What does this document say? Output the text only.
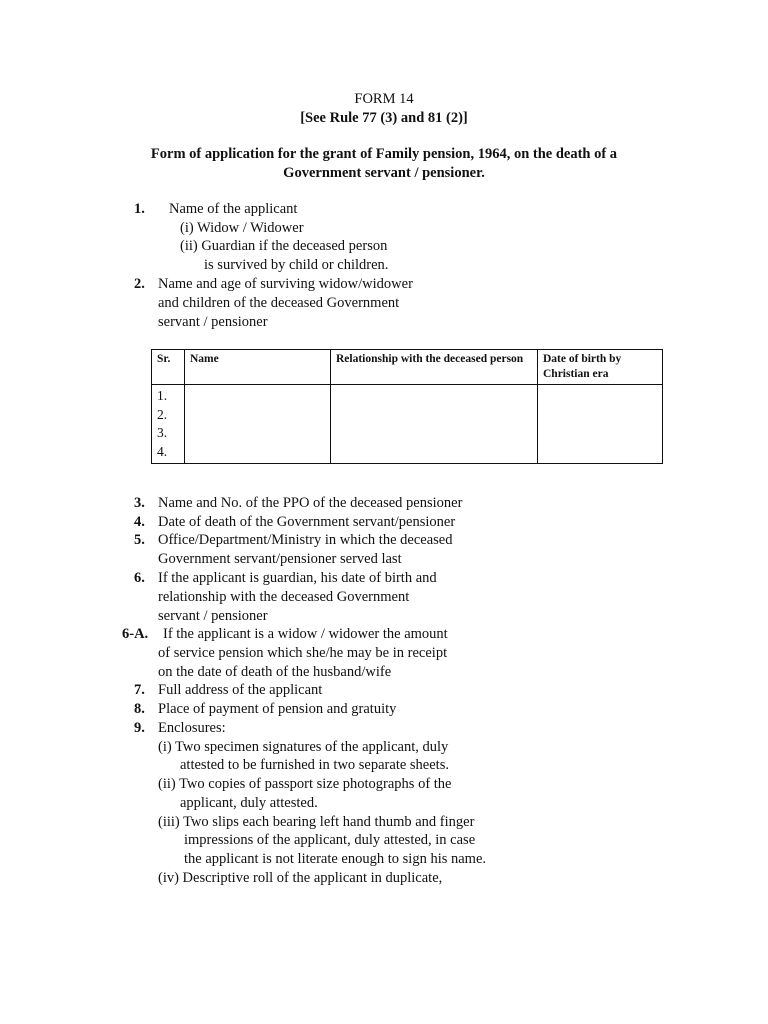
FORM 14
[See Rule 77 (3) and 81 (2)]
Form of application for the grant of Family pension, 1964, on the death of a
Government servant / pensioner.
1. Name of the applicant
(i) Widow / Widower
(ii) Guardian if the deceased person
is survived by child or children.
2. Name and age of surviving widow/widower
and children of the deceased Government
servant / pensioner
Sr.	Name	Relationship with the deceased person	Date of birth by Christian era

1.
2.
3.
4.			

3. Name and No. of the PPO of the deceased pensioner
4. Date of death of the Government servant/pensioner
5. Office/Department/Ministry in which the deceased
Government servant/pensioner served last
6. If the applicant is guardian, his date of birth and
relationship with the deceased Government
servant / pensioner
6-A. If the applicant is a widow / widower the amount
of service pension which she/he may be in receipt
on the date of death of the husband/wife
7. Full address of the applicant
8. Place of payment of pension and gratuity
9. Enclosures:
(i) Two specimen signatures of the applicant, duly
attested to be furnished in two separate sheets.
(ii) Two copies of passport size photographs of the
applicant, duly attested.
(iii) Two slips each bearing left hand thumb and finger
impressions of the applicant, duly attested, in case
the applicant is not literate enough to sign his name.
(iv) Descriptive roll of the applicant in duplicate,
